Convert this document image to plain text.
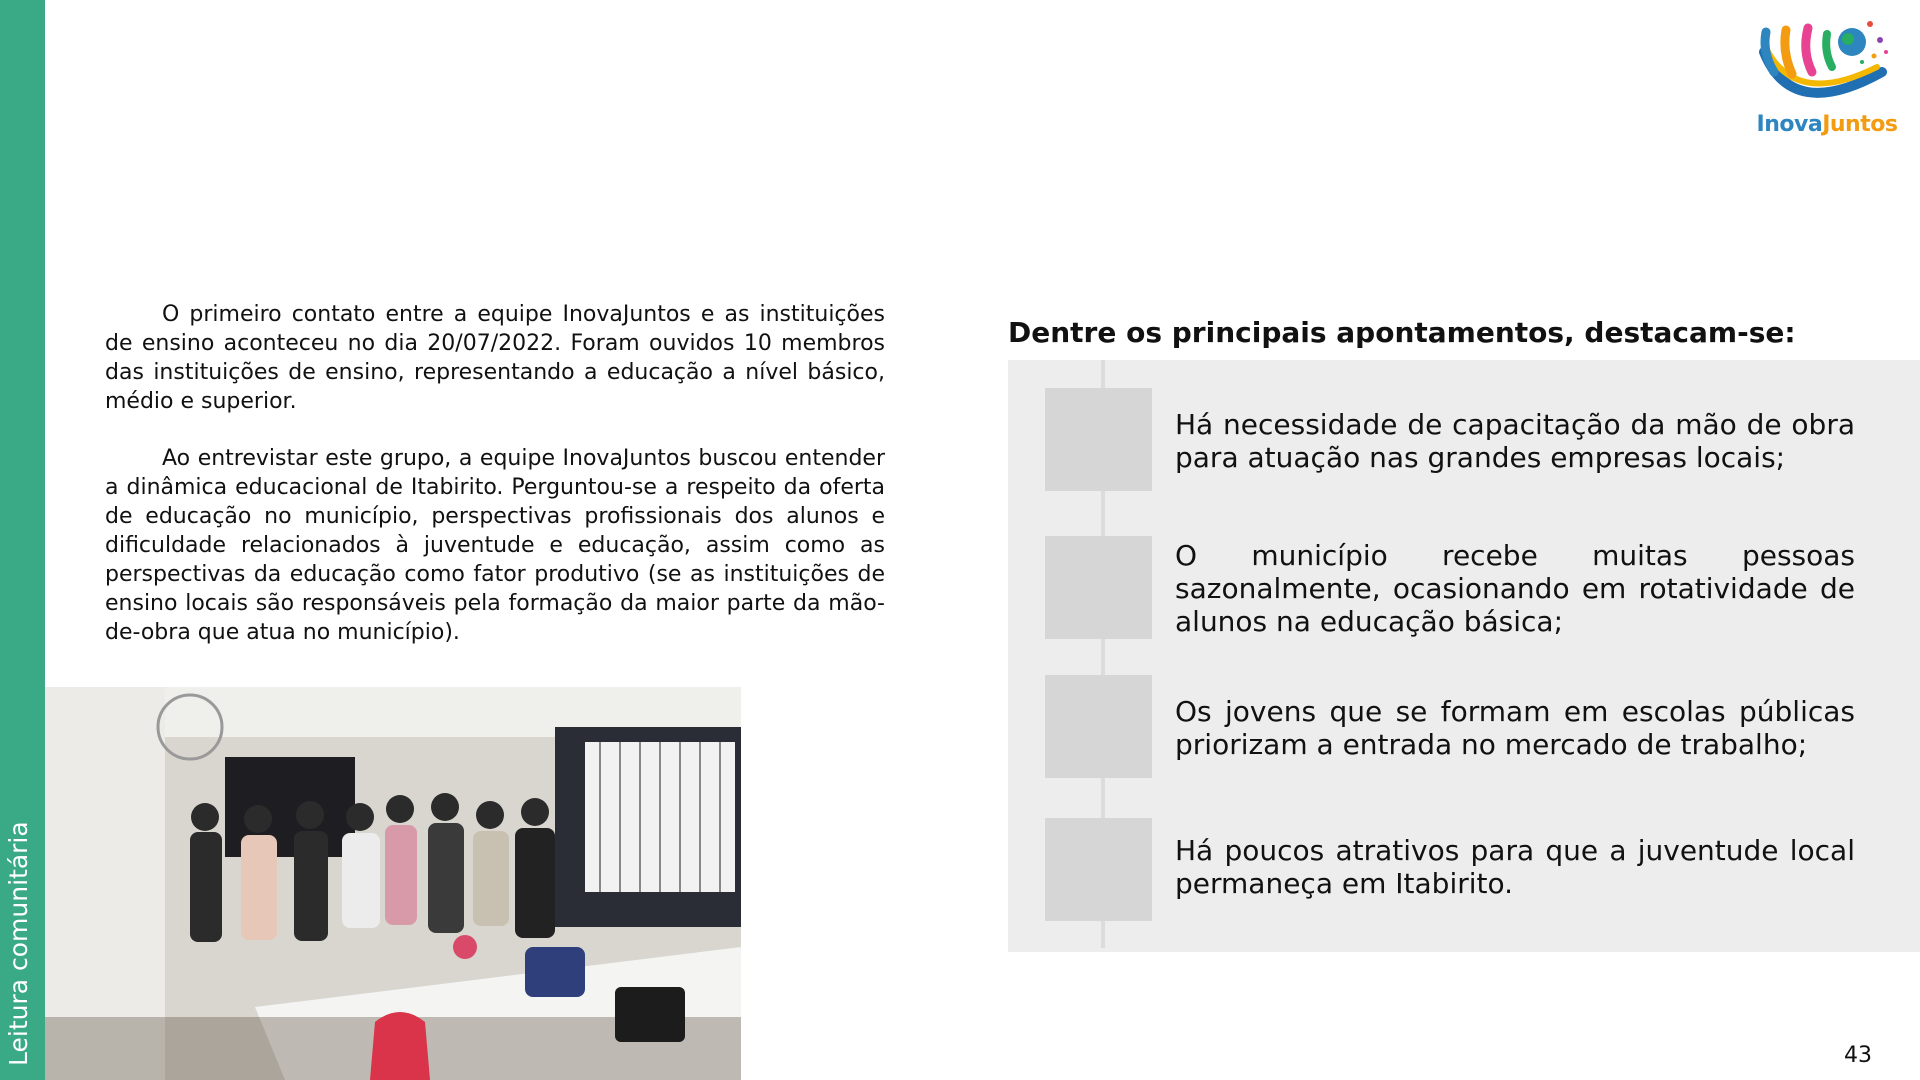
Leitura comunitária
InovaJuntos

O primeiro contato entre a equipe InovaJuntos e as instituições de ensino aconteceu no dia 20/07/2022. Foram ouvidos 10 membros das instituições de ensino, representando a educação a nível básico, médio e superior.

Ao entrevistar este grupo, a equipe InovaJuntos buscou entender a dinâmica educacional de Itabirito. Perguntou-se a respeito da oferta de educação no município, perspectivas profissionais dos alunos e dificuldade relacionados à juventude e educação, assim como as perspectivas da educação como fator produtivo (se as instituições de ensino locais são responsáveis pela formação da maior parte da mão-de-obra que atua no município).

Dentre os principais apontamentos, destacam-se:
Há necessidade de capacitação da mão de obra para atuação nas grandes empresas locais;
O município recebe muitas pessoas sazonalmente, ocasionando em rotatividade de alunos na educação básica;
Os jovens que se formam em escolas públicas priorizam a entrada no mercado de trabalho;
Há poucos atrativos para que a juventude local permaneça em Itabirito.
43
